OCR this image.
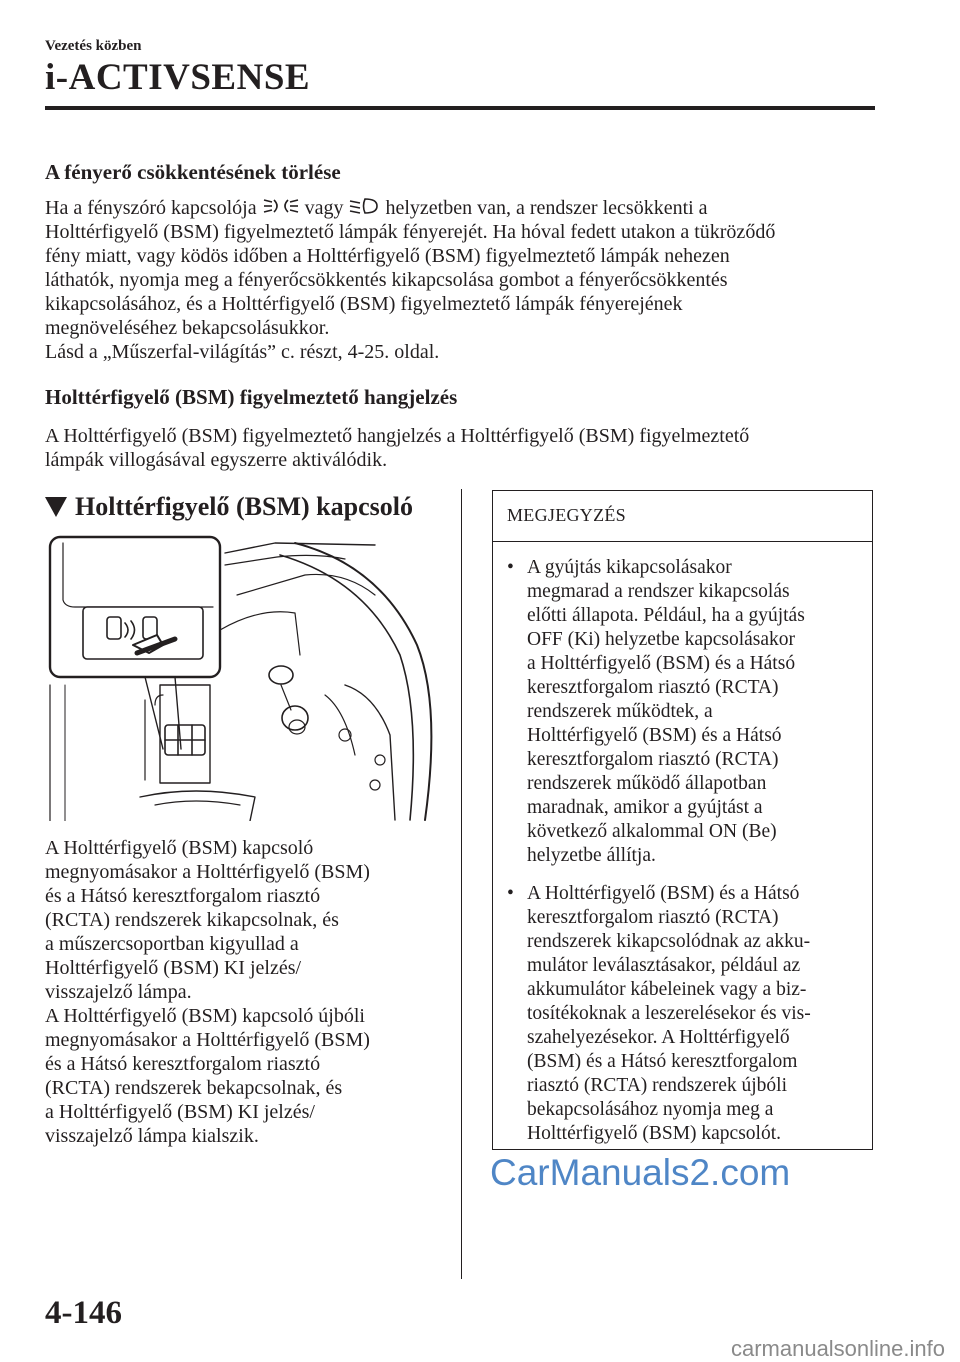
Vezetés közben
i-ACTIVSENSE
A fényerő csökkentésének törlése
Ha a fényszóró kapcsolója vagy helyzetben van, a rendszer lecsökkenti a
Holttérfigyelő (BSM) figyelmeztető lámpák fényerejét. Ha hóval fedett utakon a tükröződő
fény miatt, vagy ködös időben a Holttérfigyelő (BSM) figyelmeztető lámpák nehezen
láthatók, nyomja meg a fényerőcsökkentés kikapcsolása gombot a fényerőcsökkentés
kikapcsolásához, és a Holttérfigyelő (BSM) figyelmeztető lámpák fényerejének
megnöveléséhez bekapcsolásukkor.
Lásd a „Műszerfal-világítás” c. részt, 4-25. oldal.
Holttérfigyelő (BSM) figyelmeztető hangjelzés
A Holttérfigyelő (BSM) figyelmeztető hangjelzés a Holttérfigyelő (BSM) figyelmeztető
lámpák villogásával egyszerre aktiválódik.
Holttérfigyelő (BSM) kapcsoló
A Holttérfigyelő (BSM) kapcsoló
megnyomásakor a Holttérfigyelő (BSM)
és a Hátsó keresztforgalom riasztó
(RCTA) rendszerek kikapcsolnak, és
a műszercsoportban kigyullad a
Holttérfigyelő (BSM) KI jelzés/
visszajelző lámpa.
A Holttérfigyelő (BSM) kapcsoló újbóli
megnyomásakor a Holttérfigyelő (BSM)
és a Hátsó keresztforgalom riasztó
(RCTA) rendszerek bekapcsolnak, és
a Holttérfigyelő (BSM) KI jelzés/
visszajelző lámpa kialszik.
MEGJEGYZÉS
• A gyújtás kikapcsolásakor
megmarad a rendszer kikapcsolás
előtti állapota. Például, ha a gyújtás
OFF (Ki) helyzetbe kapcsolásakor
a Holttérfigyelő (BSM) és a Hátsó
keresztforgalom riasztó (RCTA)
rendszerek működtek, a
Holttérfigyelő (BSM) és a Hátsó
keresztforgalom riasztó (RCTA)
rendszerek működő állapotban
maradnak, amikor a gyújtást a
következő alkalommal ON (Be)
helyzetbe állítja.
• A Holttérfigyelő (BSM) és a Hátsó
keresztforgalom riasztó (RCTA)
rendszerek kikapcsolódnak az akku-
mulátor leválasztásakor, például az
akkumulátor kábeleinek vagy a biz-
tosítékoknak a leszerelésekor és vis-
szahelyezésekor. A Holttérfigyelő
(BSM) és a Hátsó keresztforgalom
riasztó (RCTA) rendszerek újbóli
bekapcsolásához nyomja meg a
Holttérfigyelő (BSM) kapcsolót.
CarManuals2.com
4-146
carmanualsonline.info
